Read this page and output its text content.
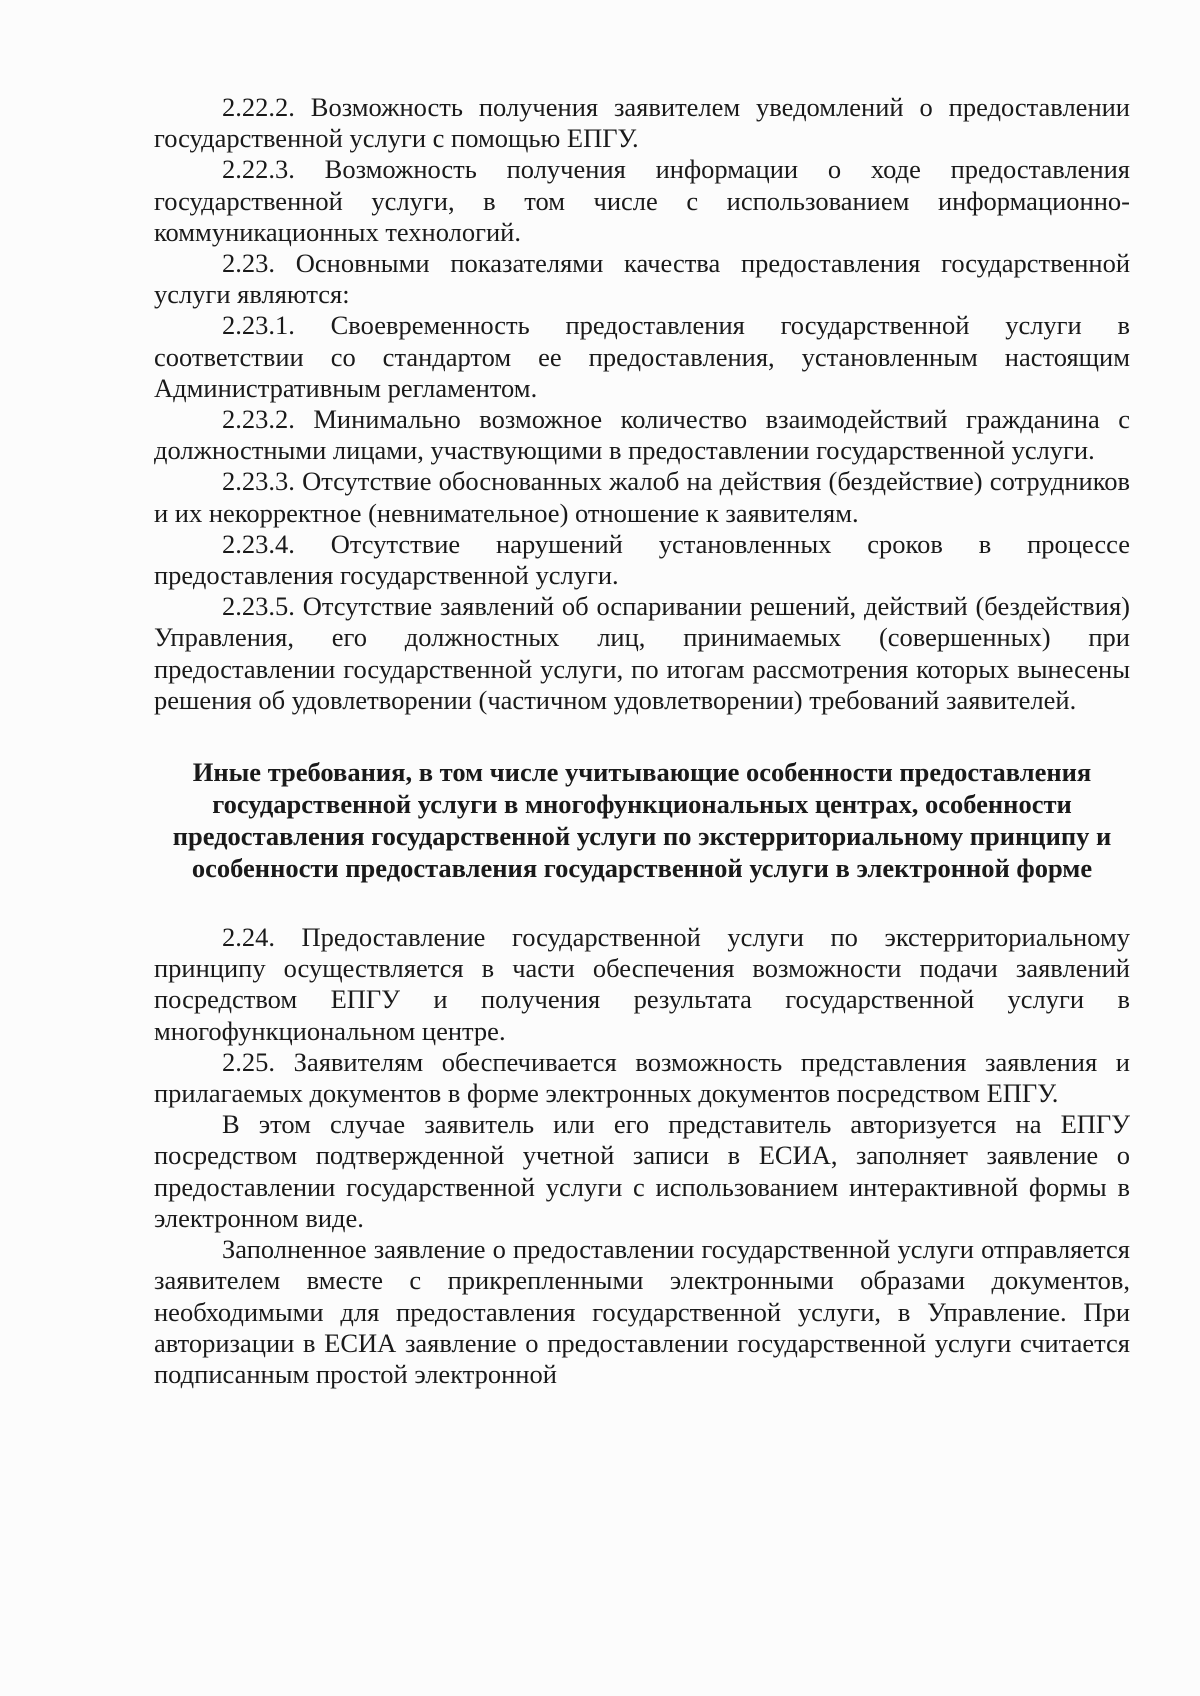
2.22.2. Возможность получения заявителем уведомлений о предоставлении государственной услуги с помощью ЕПГУ.

2.22.3. Возможность получения информации о ходе предоставления государственной услуги, в том числе с использованием информационно-коммуникационных технологий.

2.23. Основными показателями качества предоставления государственной услуги являются:

2.23.1. Своевременность предоставления государственной услуги в соответствии со стандартом ее предоставления, установленным настоящим Административным регламентом.

2.23.2. Минимально возможное количество взаимодействий гражданина с должностными лицами, участвующими в предоставлении государственной услуги.

2.23.3. Отсутствие обоснованных жалоб на действия (бездействие) сотрудников и их некорректное (невнимательное) отношение к заявителям.

2.23.4. Отсутствие нарушений установленных сроков в процессе предоставления государственной услуги.

2.23.5. Отсутствие заявлений об оспаривании решений, действий (бездействия) Управления, его должностных лиц, принимаемых (совершенных) при предоставлении государственной услуги, по итогам рассмотрения которых вынесены решения об удовлетворении (частичном удовлетворении) требований заявителей.

Иные требования, в том числе учитывающие особенности предоставления государственной услуги в многофункциональных центрах, особенности предоставления государственной услуги по экстерриториальному принципу и особенности предоставления государственной услуги в электронной форме

2.24. Предоставление государственной услуги по экстерриториальному принципу осуществляется в части обеспечения возможности подачи заявлений посредством ЕПГУ и получения результата государственной услуги в многофункциональном центре.

2.25. Заявителям обеспечивается возможность представления заявления и прилагаемых документов в форме электронных документов посредством ЕПГУ.

В этом случае заявитель или его представитель авторизуется на ЕПГУ посредством подтвержденной учетной записи в ЕСИА, заполняет заявление о предоставлении государственной услуги с использованием интерактивной формы в электронном виде.

Заполненное заявление о предоставлении государственной услуги отправляется заявителем вместе с прикрепленными электронными образами документов, необходимыми для предоставления государственной услуги, в Управление. При авторизации в ЕСИА заявление о предоставлении государственной услуги считается подписанным простой электронной
